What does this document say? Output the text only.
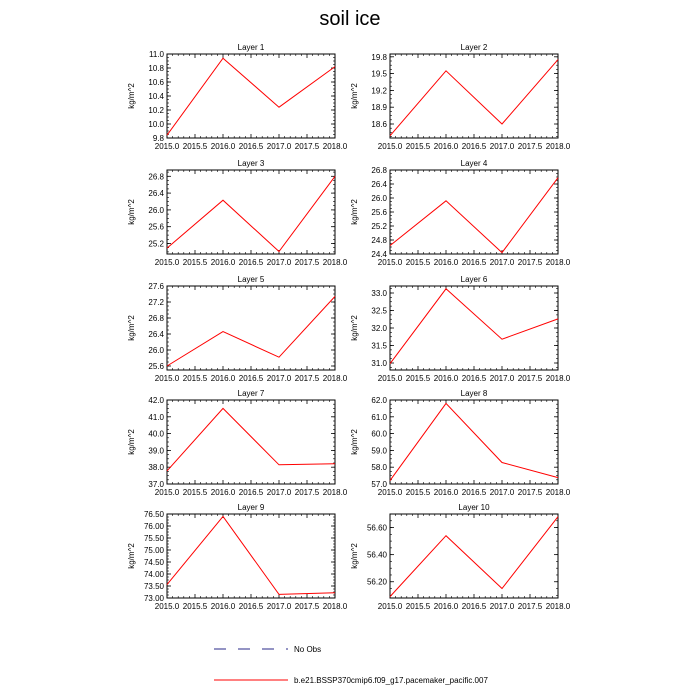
soil ice
Layer 1
kg/m^2
2015.0 2015.5 2016.0 2016.5 2017.0 2017.5 2018.0
9.8
10.0
10.2
10.4
10.6
10.8
11.0
Layer 2
kg/m^2
2015.0 2015.5 2016.0 2016.5 2017.0 2017.5 2018.0
18.6
18.9
19.2
19.5
19.8
Layer 3
kg/m^2
2015.0 2015.5 2016.0 2016.5 2017.0 2017.5 2018.0
25.2
25.6
26.0
26.4
26.8
Layer 4
kg/m^2
2015.0 2015.5 2016.0 2016.5 2017.0 2017.5 2018.0
24.4
24.8
25.2
25.6
26.0
26.4
26.8
Layer 5
kg/m^2
2015.0 2015.5 2016.0 2016.5 2017.0 2017.5 2018.0
25.6
26.0
26.4
26.8
27.2
27.6
Layer 6
kg/m^2
2015.0 2015.5 2016.0 2016.5 2017.0 2017.5 2018.0
31.0
31.5
32.0
32.5
33.0
Layer 7
kg/m^2
2015.0 2015.5 2016.0 2016.5 2017.0 2017.5 2018.0
37.0
38.0
39.0
40.0
41.0
42.0
Layer 8
kg/m^2
2015.0 2015.5 2016.0 2016.5 2017.0 2017.5 2018.0
57.0
58.0
59.0
60.0
61.0
62.0
Layer 9
kg/m^2
2015.0 2015.5 2016.0 2016.5 2017.0 2017.5 2018.0
73.00
73.50
74.00
74.50
75.00
75.50
76.00
76.50
Layer 10
kg/m^2
2015.0 2015.5 2016.0 2016.5 2017.0 2017.5 2018.0
56.20
56.40
56.60
No Obs
b.e21.BSSP370cmip6.f09_g17.pacemaker_pacific.007
